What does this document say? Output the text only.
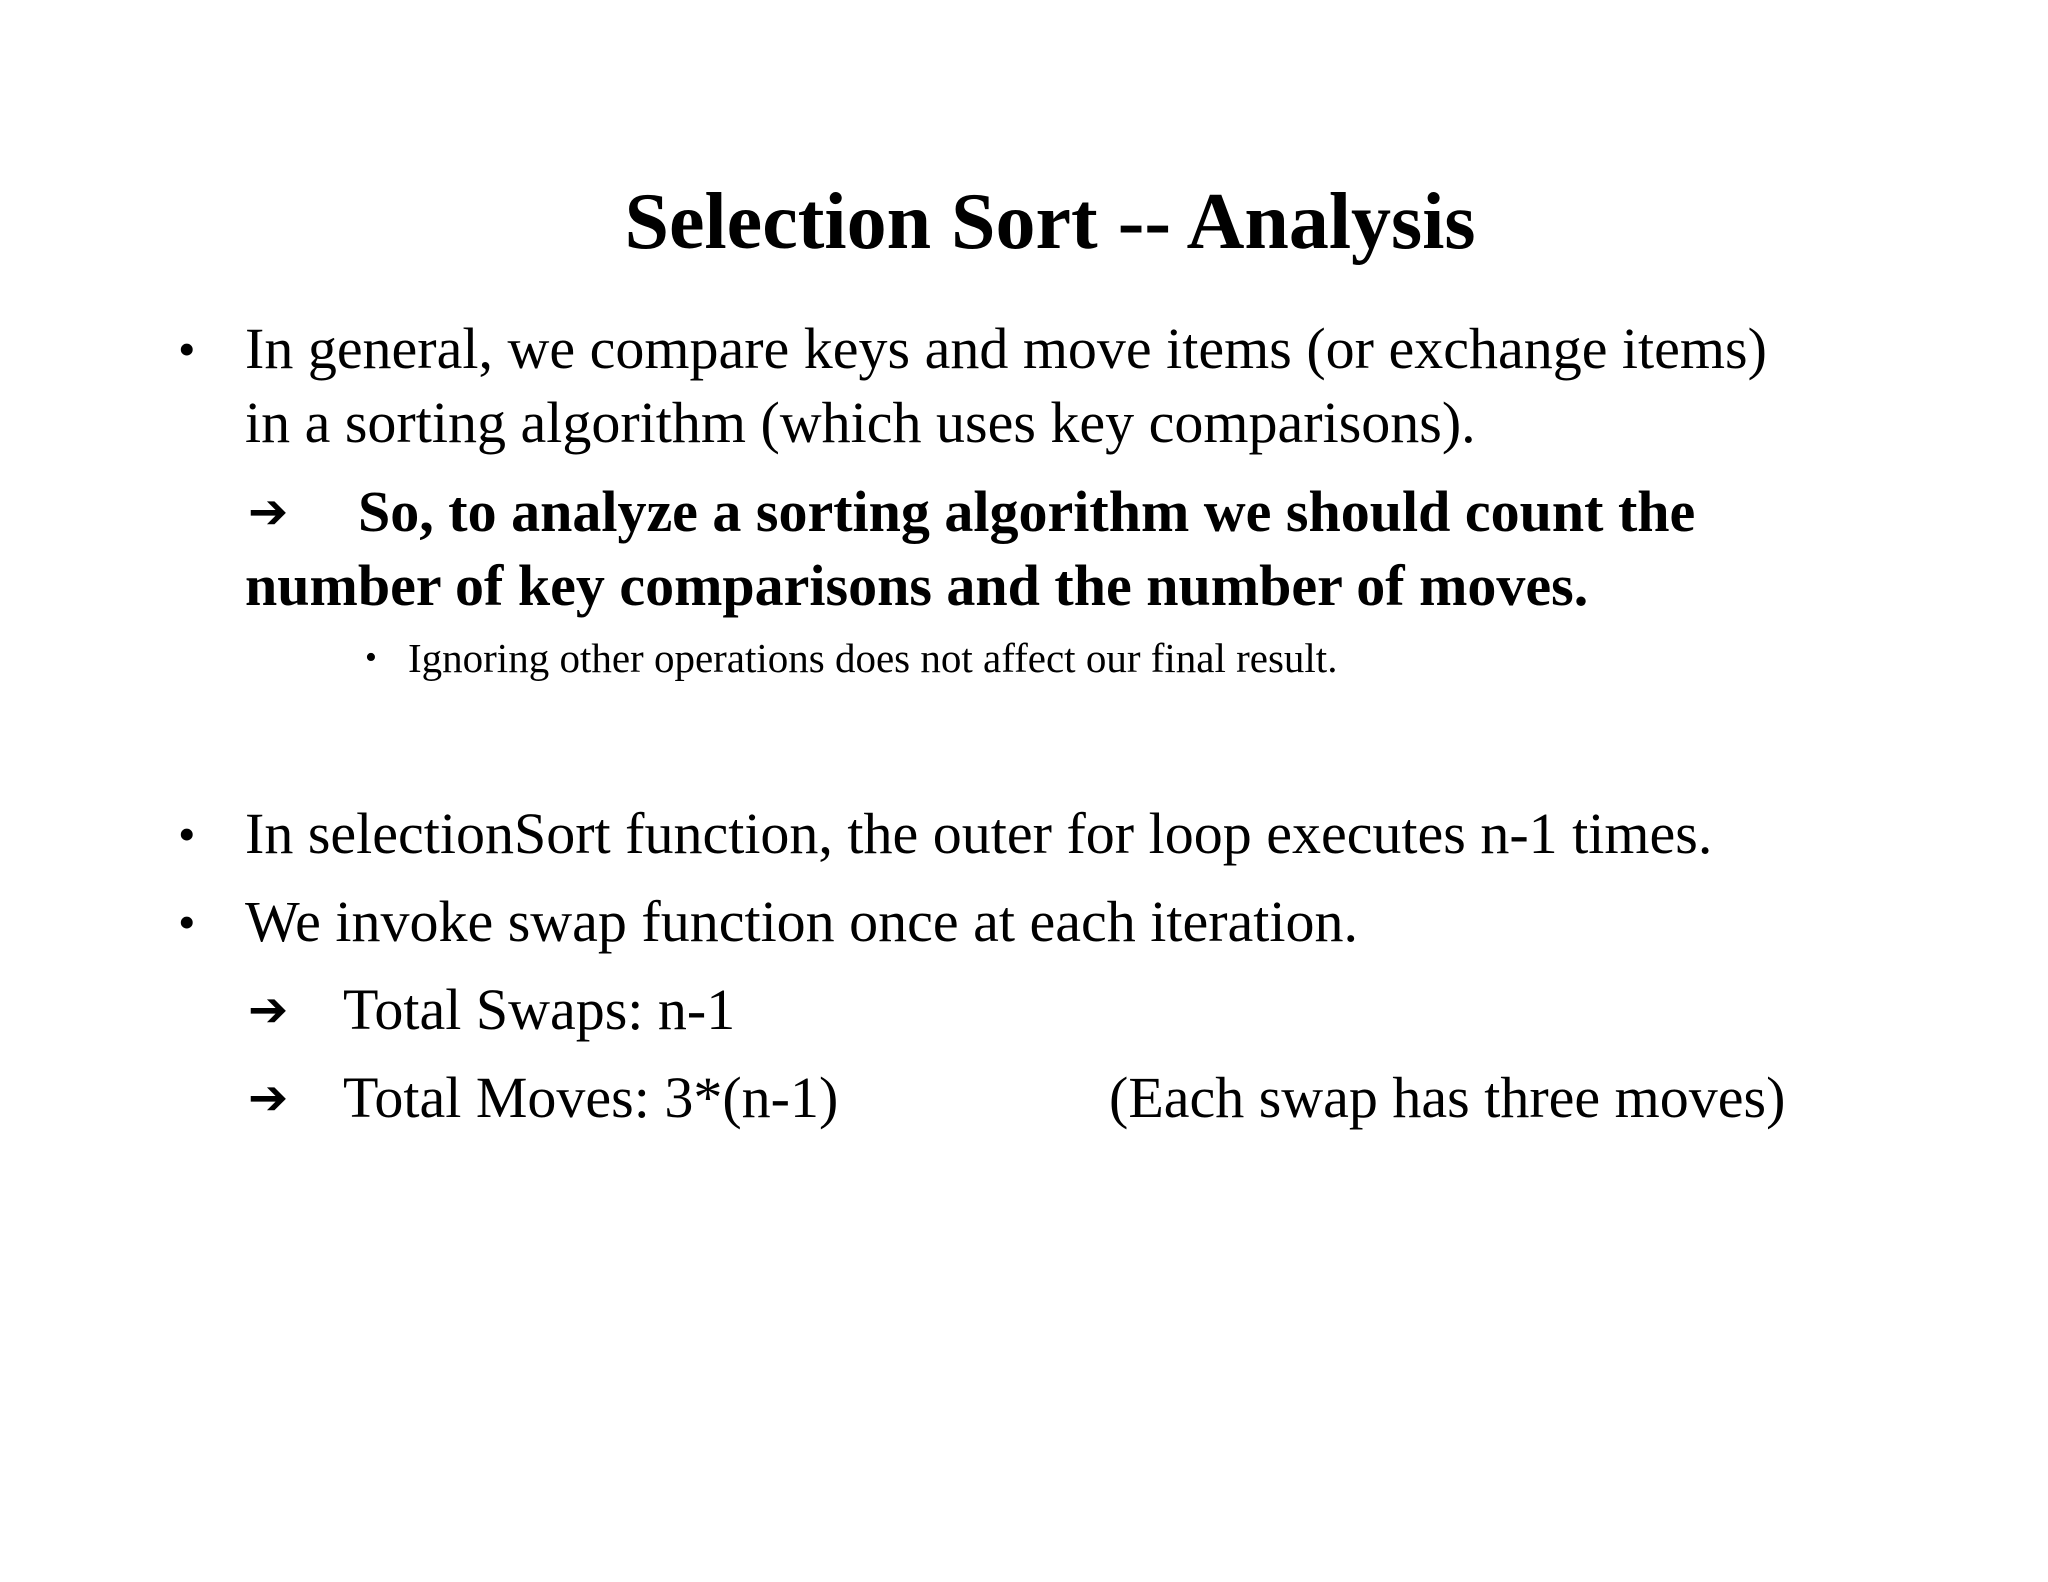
Selection Sort -- Analysis
• In general, we compare keys and move items (or exchange items)
in a sorting algorithm (which uses key comparisons).
➔ So, to analyze a sorting algorithm we should count the
number of key comparisons and the number of moves.
• Ignoring other operations does not affect our final result.
• In selectionSort function, the outer for loop executes n-1 times.
• We invoke swap function once at each iteration.
➔ Total Swaps: n-1
➔ Total Moves: 3*(n-1)	(Each swap has three moves)
